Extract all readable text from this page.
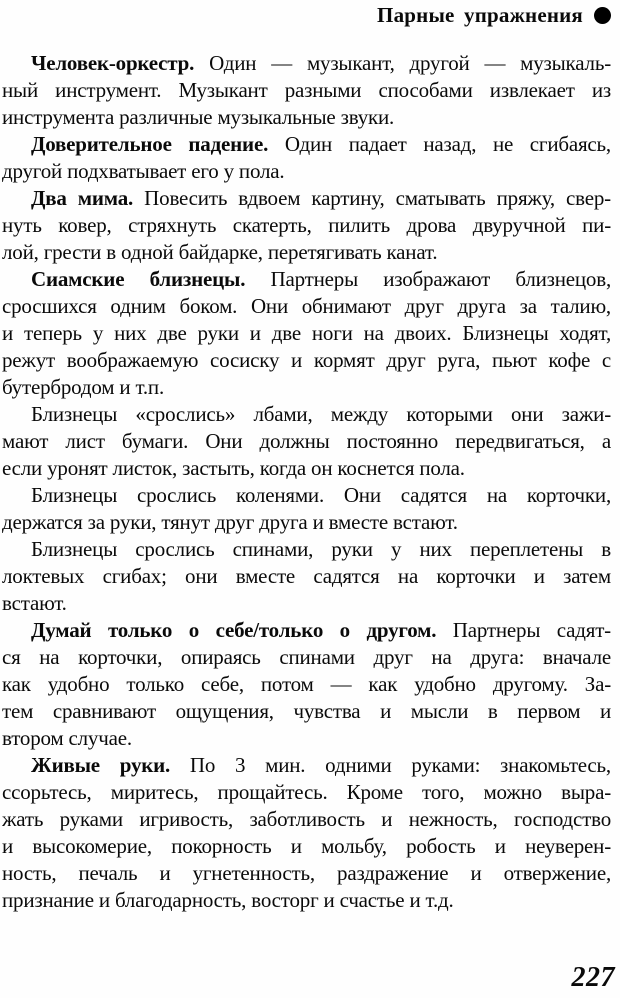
Парные упражнения
Человек-оркестр. Один — музыкант, другой — музыкаль-
ный инструмент. Музыкант разными способами извлекает из
инструмента различные музыкальные звуки.
Доверительное падение. Один падает назад, не сгибаясь,
другой подхватывает его у пола.
Два мима. Повесить вдвоем картину, сматывать пряжу, свер-
нуть ковер, стряхнуть скатерть, пилить дрова двуручной пи-
лой, грести в одной байдарке, перетягивать канат.
Сиамские близнецы. Партнеры изображают близнецов,
сросшихся одним боком. Они обнимают друг друга за талию,
и теперь у них две руки и две ноги на двоих. Близнецы ходят,
режут воображаемую сосиску и кормят друг руга, пьют кофе с
бутербродом и т.п.
Близнецы «срослись» лбами, между которыми они зажи-
мают лист бумаги. Они должны постоянно передвигаться, а
если уронят листок, застыть, когда он коснется пола.
Близнецы срослись коленями. Они садятся на корточки,
держатся за руки, тянут друг друга и вместе встают.
Близнецы срослись спинами, руки у них переплетены в
локтевых сгибах; они вместе садятся на корточки и затем
встают.
Думай только о себе/только о другом. Партнеры садят-
ся на корточки, опираясь спинами друг на друга: вначале
как удобно только себе, потом — как удобно другому. За-
тем сравнивают ощущения, чувства и мысли в первом и
втором случае.
Живые руки. По 3 мин. одними руками: знакомьтесь,
ссорьтесь, миритесь, прощайтесь. Кроме того, можно выра-
жать руками игривость, заботливость и нежность, господство
и высокомерие, покорность и мольбу, робость и неуверен-
ность, печаль и угнетенность, раздражение и отвержение,
признание и благодарность, восторг и счастье и т.д.
227
